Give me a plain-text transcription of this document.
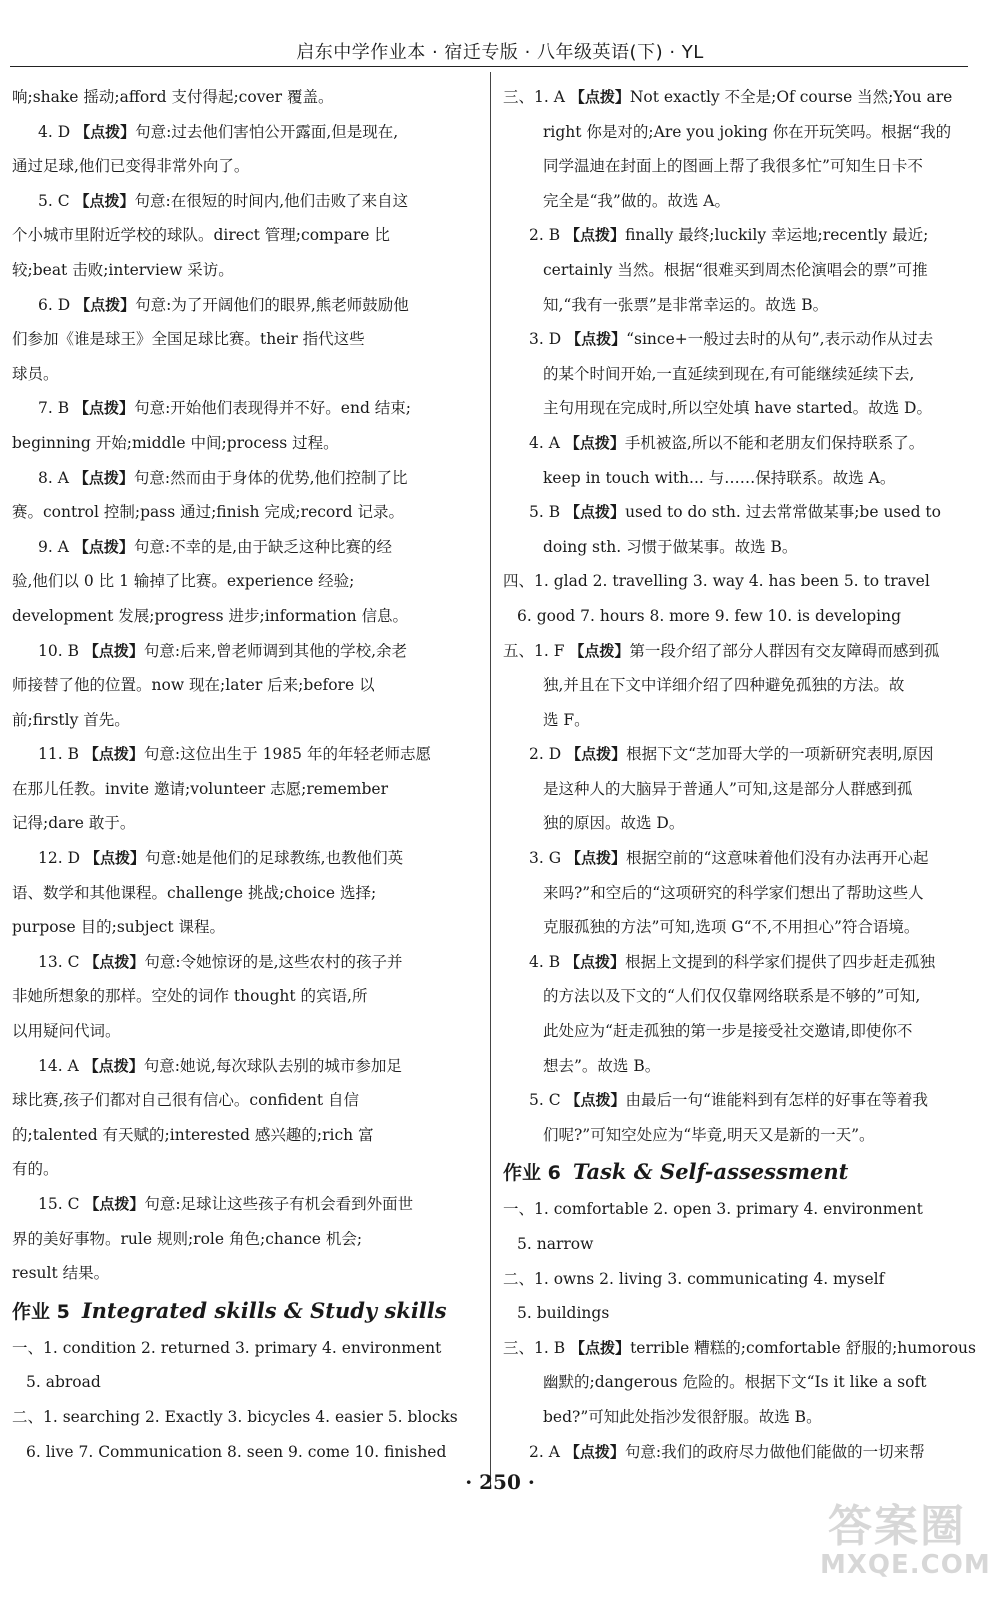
启东中学作业本 · 宿迁专版 · 八年级英语(下) · YL
响;shake 摇动;afford 支付得起;cover 覆盖。
4. D 【点拨】句意:过去他们害怕公开露面,但是现在,
通过足球,他们已变得非常外向了。
5. C 【点拨】句意:在很短的时间内,他们击败了来自这
个小城市里附近学校的球队。direct 管理;compare 比
较;beat 击败;interview 采访。
6. D 【点拨】句意:为了开阔他们的眼界,熊老师鼓励他
们参加《谁是球王》全国足球比赛。their 指代这些
球员。
7. B 【点拨】句意:开始他们表现得并不好。end 结束;
beginning 开始;middle 中间;process 过程。
8. A 【点拨】句意:然而由于身体的优势,他们控制了比
赛。control 控制;pass 通过;finish 完成;record 记录。
9. A 【点拨】句意:不幸的是,由于缺乏这种比赛的经
验,他们以 0 比 1 输掉了比赛。experience 经验;
development 发展;progress 进步;information 信息。
10. B 【点拨】句意:后来,曾老师调到其他的学校,余老
师接替了他的位置。now 现在;later 后来;before 以
前;firstly 首先。
11. B 【点拨】句意:这位出生于 1985 年的年轻老师志愿
在那儿任教。invite 邀请;volunteer 志愿;remember
记得;dare 敢于。
12. D 【点拨】句意:她是他们的足球教练,也教他们英
语、数学和其他课程。challenge 挑战;choice 选择;
purpose 目的;subject 课程。
13. C 【点拨】句意:令她惊讶的是,这些农村的孩子并
非她所想象的那样。空处的词作 thought 的宾语,所
以用疑问代词。
14. A 【点拨】句意:她说,每次球队去别的城市参加足
球比赛,孩子们都对自己很有信心。confident 自信
的;talented 有天赋的;interested 感兴趣的;rich 富
有的。
15. C 【点拨】句意:足球让这些孩子有机会看到外面世
界的美好事物。rule 规则;role 角色;chance 机会;
result 结果。
作业 5 Integrated skills & Study skills
一、1. condition 2. returned 3. primary 4. environment
5. abroad
二、1. searching 2. Exactly 3. bicycles 4. easier 5. blocks
6. live 7. Communication 8. seen 9. come 10. finished
三、1. A 【点拨】Not exactly 不全是;Of course 当然;You are
right 你是对的;Are you joking 你在开玩笑吗。根据“我的
同学温迪在封面上的图画上帮了我很多忙”可知生日卡不
完全是“我”做的。故选 A。
2. B 【点拨】finally 最终;luckily 幸运地;recently 最近;
certainly 当然。根据“很难买到周杰伦演唱会的票”可推
知,“我有一张票”是非常幸运的。故选 B。
3. D 【点拨】“since+一般过去时的从句”,表示动作从过去
的某个时间开始,一直延续到现在,有可能继续延续下去,
主句用现在完成时,所以空处填 have started。故选 D。
4. A 【点拨】手机被盗,所以不能和老朋友们保持联系了。
keep in touch with... 与……保持联系。故选 A。
5. B 【点拨】used to do sth. 过去常常做某事;be used to
doing sth. 习惯于做某事。故选 B。
四、1. glad 2. travelling 3. way 4. has been 5. to travel
6. good 7. hours 8. more 9. few 10. is developing
五、1. F 【点拨】第一段介绍了部分人群因有交友障碍而感到孤
独,并且在下文中详细介绍了四种避免孤独的方法。故
选 F。
2. D 【点拨】根据下文“芝加哥大学的一项新研究表明,原因
是这种人的大脑异于普通人”可知,这是部分人群感到孤
独的原因。故选 D。
3. G 【点拨】根据空前的“这意味着他们没有办法再开心起
来吗?”和空后的“这项研究的科学家们想出了帮助这些人
克服孤独的方法”可知,选项 G“不,不用担心”符合语境。
4. B 【点拨】根据上文提到的科学家们提供了四步赶走孤独
的方法以及下文的“人们仅仅靠网络联系是不够的”可知,
此处应为“赶走孤独的第一步是接受社交邀请,即使你不
想去”。故选 B。
5. C 【点拨】由最后一句“谁能料到有怎样的好事在等着我
们呢?”可知空处应为“毕竟,明天又是新的一天”。
作业 6 Task & Self-assessment
一、1. comfortable 2. open 3. primary 4. environment
5. narrow
二、1. owns 2. living 3. communicating 4. myself
5. buildings
三、1. B 【点拨】terrible 糟糕的;comfortable 舒服的;humorous
幽默的;dangerous 危险的。根据下文“Is it like a soft
bed?”可知此处指沙发很舒服。故选 B。
2. A 【点拨】句意:我们的政府尽力做他们能做的一切来帮
· 250 ·
答案圈
MXQE.COM
